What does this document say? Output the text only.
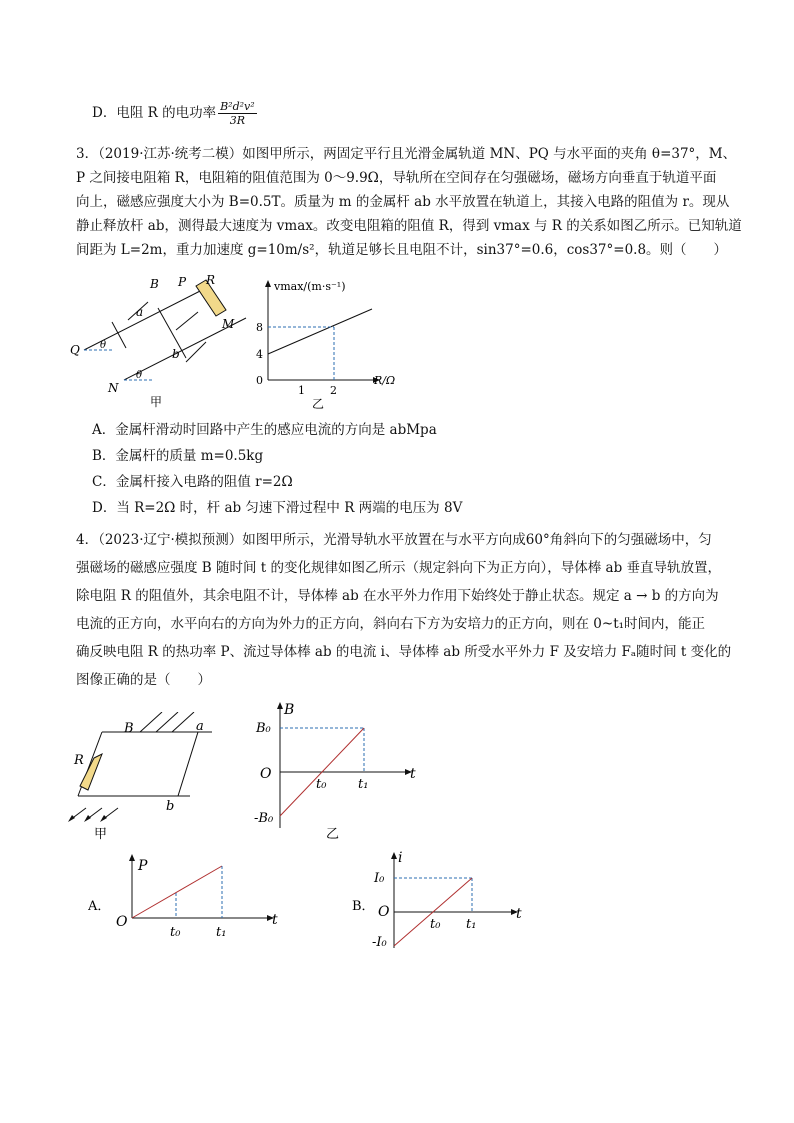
D．电阻 R 的电功率 $\frac{\text{B²d²v²}}{3R}$
3．（2019·江苏·统考二模）如图甲所示，两固定平行且光滑金属轨道 MN、PQ 与水平面的夹角 θ=37°，M、
P 之间接电阻箱 R，电阻箱的阻值范围为 0～9.9Ω，导轨所在空间存在匀强磁场，磁场方向垂直于轨道平面
向上，磁感应强度大小为 B=0.5T。质量为 m 的金属杆 ab 水平放置在轨道上，其接入电路的阻值为 r。现从
静止释放杆 ab，测得最大速度为 vmax。改变电阻箱的阻值 R，得到 vmax 与 R 的关系如图乙所示。已知轨道
间距为 L=2m，重力加速度 g=10m/s²，轨道足够长且电阻不计，sin37°=0.6，cos37°=0.8。则（　　）
B P R
M
a
b
Q
N
θ
θ
甲
vmax/(m·s⁻¹)
R/Ω
0
8
4
1 2
乙
A．金属杆滑动时回路中产生的感应电流的方向是 abMpa
B．金属杆的质量 m=0.5kg
C．金属杆接入电路的阻值 r=2Ω
D．当 R=2Ω 时，杆 ab 匀速下滑过程中 R 两端的电压为 8V
4．（2023·辽宁·模拟预测）如图甲所示，光滑导轨水平放置在与水平方向成60°角斜向下的匀强磁场中，匀
强磁场的磁感应强度 B 随时间 t 的变化规律如图乙所示（规定斜向下为正方向），导体棒 ab 垂直导轨放置，
除电阻 R 的阻值外，其余电阻不计，导体棒 ab 在水平外力作用下始终处于静止状态。规定 a → b 的方向为
电流的正方向，水平向右的方向为外力的正方向，斜向右下方为安培力的正方向，则在 0~t₁时间内，能正
确反映电阻 R 的热功率 P、流过导体棒 ab 的电流 i、导体棒 ab 所受水平外力 F 及安培力 Fₐ随时间 t 变化的
图像正确的是（　　）
B	a
R
b
甲
B
t
B₀
-B₀
O
t₀ t₁
乙
A．
P
t
O
t₀	t₁
B．
i
t
I₀
-I₀
O
t₀ t₁
